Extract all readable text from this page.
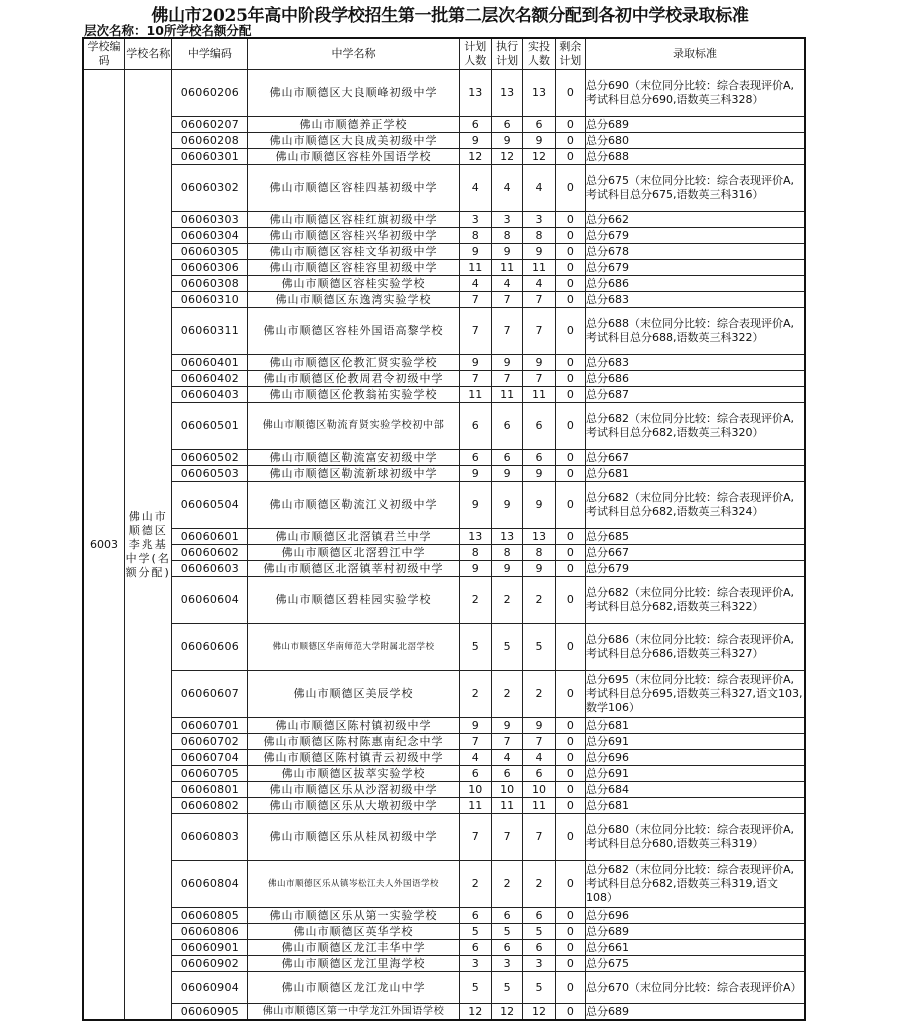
佛山市2025年高中阶段学校招生第一批第二层次名额分配到各初中学校录取标准
层次名称：10所学校名额分配
学校编码	学校名称	中学编码	中学名称	计划人数	执行计划	实投人数	剩余计划	录取标准
6003	佛山市顺德区李兆基中学(名额分配)	06060206	佛山市顺德区大良顺峰初级中学	13	13	13	0	总分690（末位同分比较：综合表现评价A,考试科目总分690,语数英三科328）
		06060207	佛山市顺德养正学校	6	6	6	0	总分689
		06060208	佛山市顺德区大良成美初级中学	9	9	9	0	总分680
		06060301	佛山市顺德区容桂外国语学校	12	12	12	0	总分688
		06060302	佛山市顺德区容桂四基初级中学	4	4	4	0	总分675（末位同分比较：综合表现评价A,考试科目总分675,语数英三科316）
		06060303	佛山市顺德区容桂红旗初级中学	3	3	3	0	总分662
		06060304	佛山市顺德区容桂兴华初级中学	8	8	8	0	总分679
		06060305	佛山市顺德区容桂文华初级中学	9	9	9	0	总分678
		06060306	佛山市顺德区容桂容里初级中学	11	11	11	0	总分679
		06060308	佛山市顺德区容桂实验学校	4	4	4	0	总分686
		06060310	佛山市顺德区东逸湾实验学校	7	7	7	0	总分683
		06060311	佛山市顺德区容桂外国语高黎学校	7	7	7	0	总分688（末位同分比较：综合表现评价A,考试科目总分688,语数英三科322）
		06060401	佛山市顺德区伦教汇贤实验学校	9	9	9	0	总分683
		06060402	佛山市顺德区伦教周君令初级中学	7	7	7	0	总分686
		06060403	佛山市顺德区伦教翁祐实验学校	11	11	11	0	总分687
		06060501	佛山市顺德区勒流育贤实验学校初中部	6	6	6	0	总分682（末位同分比较：综合表现评价A,考试科目总分682,语数英三科320）
		06060502	佛山市顺德区勒流富安初级中学	6	6	6	0	总分667
		06060503	佛山市顺德区勒流新球初级中学	9	9	9	0	总分681
		06060504	佛山市顺德区勒流江义初级中学	9	9	9	0	总分682（末位同分比较：综合表现评价A,考试科目总分682,语数英三科324）
		06060601	佛山市顺德区北滘镇君兰中学	13	13	13	0	总分685
		06060602	佛山市顺德区北滘碧江中学	8	8	8	0	总分667
		06060603	佛山市顺德区北滘镇莘村初级中学	9	9	9	0	总分679
		06060604	佛山市顺德区碧桂园实验学校	2	2	2	0	总分682（末位同分比较：综合表现评价A,考试科目总分682,语数英三科322）
		06060606	佛山市顺德区华南师范大学附属北滘学校	5	5	5	0	总分686（末位同分比较：综合表现评价A,考试科目总分686,语数英三科327）
		06060607	佛山市顺德区美辰学校	2	2	2	0	总分695（末位同分比较：综合表现评价A,考试科目总分695,语数英三科327,语文103,数学106）
		06060701	佛山市顺德区陈村镇初级中学	9	9	9	0	总分681
		06060702	佛山市顺德区陈村陈惠南纪念中学	7	7	7	0	总分691
		06060704	佛山市顺德区陈村镇青云初级中学	4	4	4	0	总分696
		06060705	佛山市顺德区拔萃实验学校	6	6	6	0	总分691
		06060801	佛山市顺德区乐从沙滘初级中学	10	10	10	0	总分684
		06060802	佛山市顺德区乐从大墩初级中学	11	11	11	0	总分681
		06060803	佛山市顺德区乐从桂凤初级中学	7	7	7	0	总分680（末位同分比较：综合表现评价A,考试科目总分680,语数英三科319）
		06060804	佛山市顺德区乐从镇岑松江夫人外国语学校	2	2	2	0	总分682（末位同分比较：综合表现评价A,考试科目总分682,语数英三科319,语文108）
		06060805	佛山市顺德区乐从第一实验学校	6	6	6	0	总分696
		06060806	佛山市顺德区英华学校	5	5	5	0	总分689
		06060901	佛山市顺德区龙江丰华中学	6	6	6	0	总分661
		06060902	佛山市顺德区龙江里海学校	3	3	3	0	总分675
		06060904	佛山市顺德区龙江龙山中学	5	5	5	0	总分670（末位同分比较：综合表现评价A）
		06060905	佛山市顺德区第一中学龙江外国语学校	12	12	12	0	总分689
